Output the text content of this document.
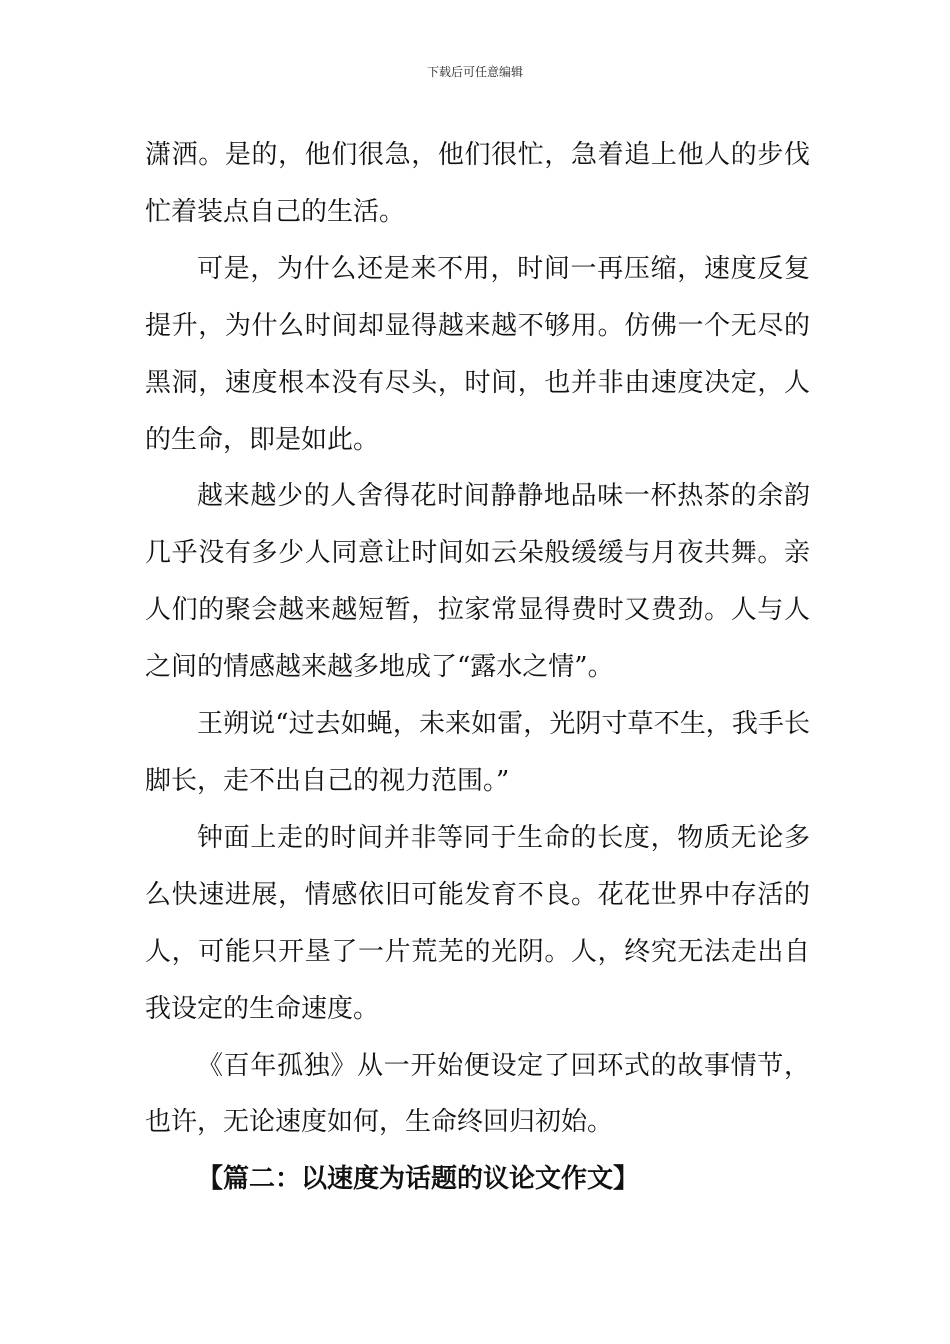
下载后可任意编辑

潇洒。是的，他们很急，他们很忙，急着追上他人的步伐忙着装点自己的生活。

可是，为什么还是来不用，时间一再压缩，速度反复提升，为什么时间却显得越来越不够用。仿佛一个无尽的黑洞，速度根本没有尽头，时间，也并非由速度决定，人的生命，即是如此。

越来越少的人舍得花时间静静地品味一杯热茶的余韵几乎没有多少人同意让时间如云朵般缓缓与月夜共舞。亲人们的聚会越来越短暂，拉家常显得费时又费劲。人与人之间的情感越来越多地成了“露水之情”。

王朔说“过去如蝇，未来如雷，光阴寸草不生，我手长脚长，走不出自己的视力范围。”

钟面上走的时间并非等同于生命的长度，物质无论多么快速进展，情感依旧可能发育不良。花花世界中存活的人，可能只开垦了一片荒芜的光阴。人，终究无法走出自我设定的生命速度。

《百年孤独》从一开始便设定了回环式的故事情节，也许，无论速度如何，生命终回归初始。

【篇二：以速度为话题的议论文作文】
